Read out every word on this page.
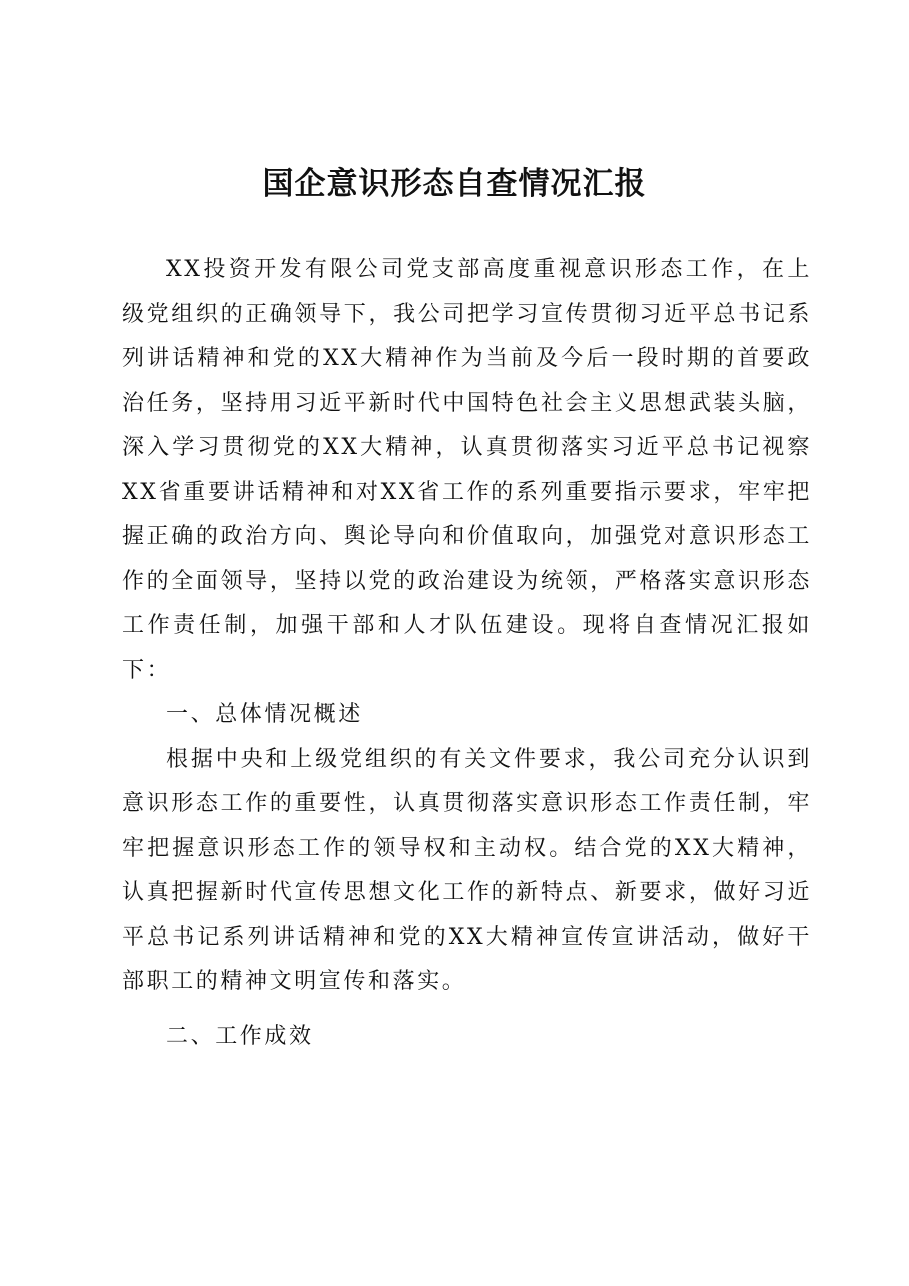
国企意识形态自查情况汇报

XX投资开发有限公司党支部高度重视意识形态工作，在上级党组织的正确领导下，我公司把学习宣传贯彻习近平总书记系列讲话精神和党的XX大精神作为当前及今后一段时期的首要政治任务，坚持用习近平新时代中国特色社会主义思想武装头脑，深入学习贯彻党的XX大精神，认真贯彻落实习近平总书记视察XX省重要讲话精神和对XX省工作的系列重要指示要求，牢牢把握正确的政治方向、舆论导向和价值取向，加强党对意识形态工作的全面领导，坚持以党的政治建设为统领，严格落实意识形态工作责任制，加强干部和人才队伍建设。现将自查情况汇报如下：

一、总体情况概述

根据中央和上级党组织的有关文件要求，我公司充分认识到意识形态工作的重要性，认真贯彻落实意识形态工作责任制，牢牢把握意识形态工作的领导权和主动权。结合党的XX大精神，认真把握新时代宣传思想文化工作的新特点、新要求，做好习近平总书记系列讲话精神和党的XX大精神宣传宣讲活动，做好干部职工的精神文明宣传和落实。

二、工作成效
